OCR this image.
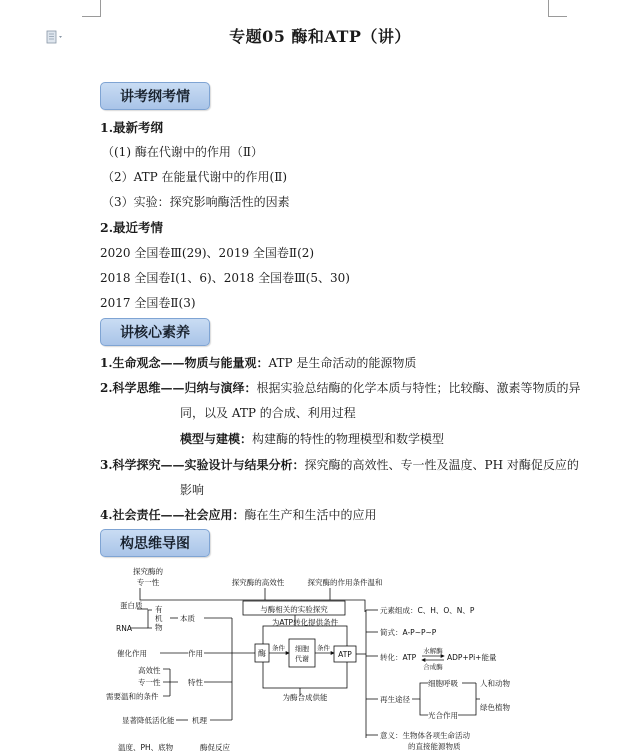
专题05 酶和ATP（讲）
讲考纲考情
1.最新考纲
（(1) 酶在代谢中的作用（Ⅱ）
（2）ATP 在能量代谢中的作用(Ⅱ)
（3）实验：探究影响酶活性的因素
2.最近考情
2020 全国卷Ⅲ(29)、2019 全国卷Ⅱ(2)
2018 全国卷Ⅰ(1、6)、2018 全国卷Ⅲ(5、30)
2017 全国卷Ⅱ(3)
讲核心素养
1.生命观念——物质与能量观：ATP 是生命活动的能源物质
2.科学思维——归纳与演绎：根据实验总结酶的化学本质与特性；比较酶、激素等物质的异
同，以及 ATP 的合成、利用过程
模型与建模：构建酶的特性的物理模型和数学模型
3.科学探究——实验设计与结果分析：探究酶的高效性、专一性及温度、PH 对酶促反应的
影响
4.社会责任——社会应用：酶在生产和生活中的应用
构思维导图
探究酶的
专一性	探究酶的高效性	探究酶的作用条件温和
与酶相关的实验探究
为ATP转化提供条件
蛋白质
RNA
有
机
物
本质
催化作用	作用	酶
条件 细胞
代谢
条件
ATP
高效性
专一性
需要温和的条件
特性
为酶合成供能
显著降低活化能 机理
温度、PH、底物	酶促反应
元素组成：C、H、O、N、P
简式：A-P~P~P
转化：ATP
水解酶
合成酶
ADP+Pi+能量
再生途径
细胞呼吸
光合作用
人和动物
绿色植物
意义：生物体各项生命活动
的直接能源物质
